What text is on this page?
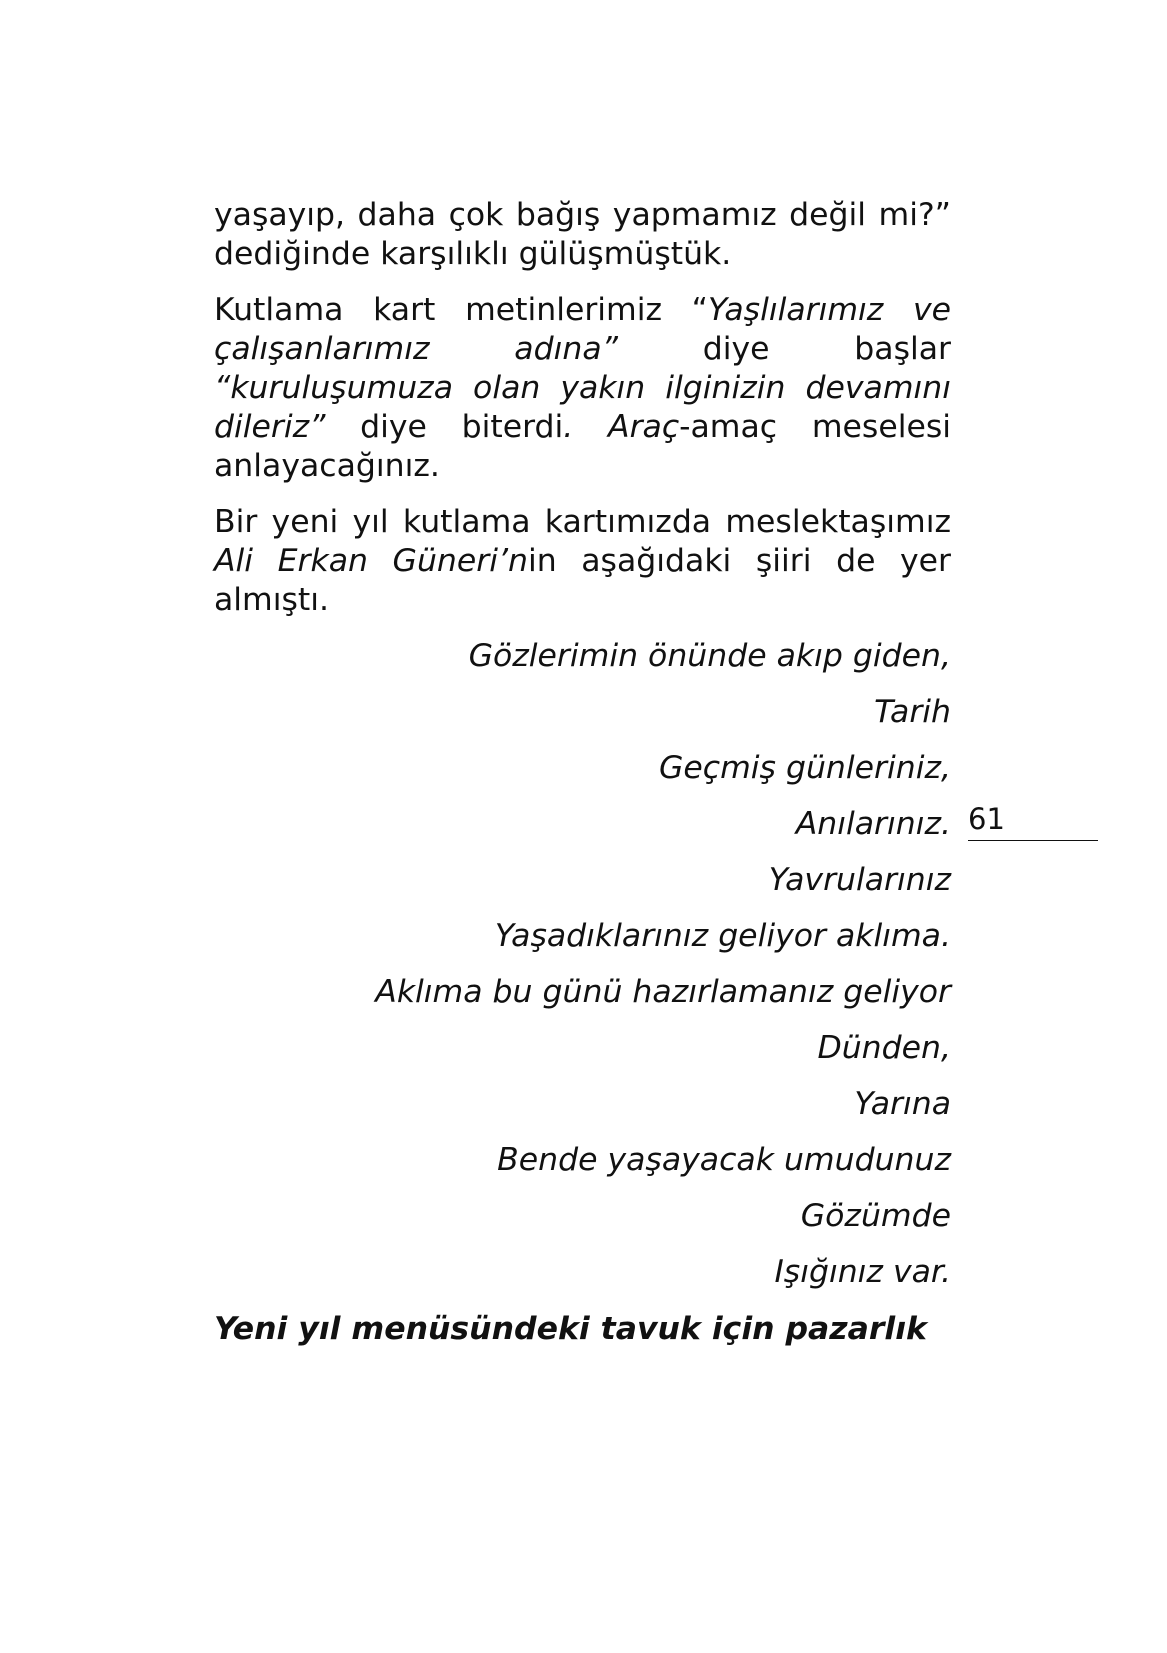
yaşayıp, daha çok bağış yapmamız değil mi?” dediğinde karşılıklı gülüşmüştük.

Kutlama kart metinlerimiz “Yaşlılarımız ve çalışanlarımız adına” diye başlar “kuruluşumuza olan yakın ilginizin devamını dileriz” diye biterdi. Araç-amaç meselesi anlayacağınız.

Bir yeni yıl kutlama kartımızda meslektaşımız Ali Erkan Güneri’nin aşağıdaki şiiri de yer almıştı.

Gözlerimin önünde akıp giden,

Tarih

Geçmiş günleriniz,

Anılarınız.

Yavrularınız

Yaşadıklarınız geliyor aklıma.

Aklıma bu günü hazırlamanız geliyor

Dünden,

Yarına

Bende yaşayacak umudunuz

Gözümde

Işığınız var.

Yeni yıl menüsündeki tavuk için pazarlık

61
